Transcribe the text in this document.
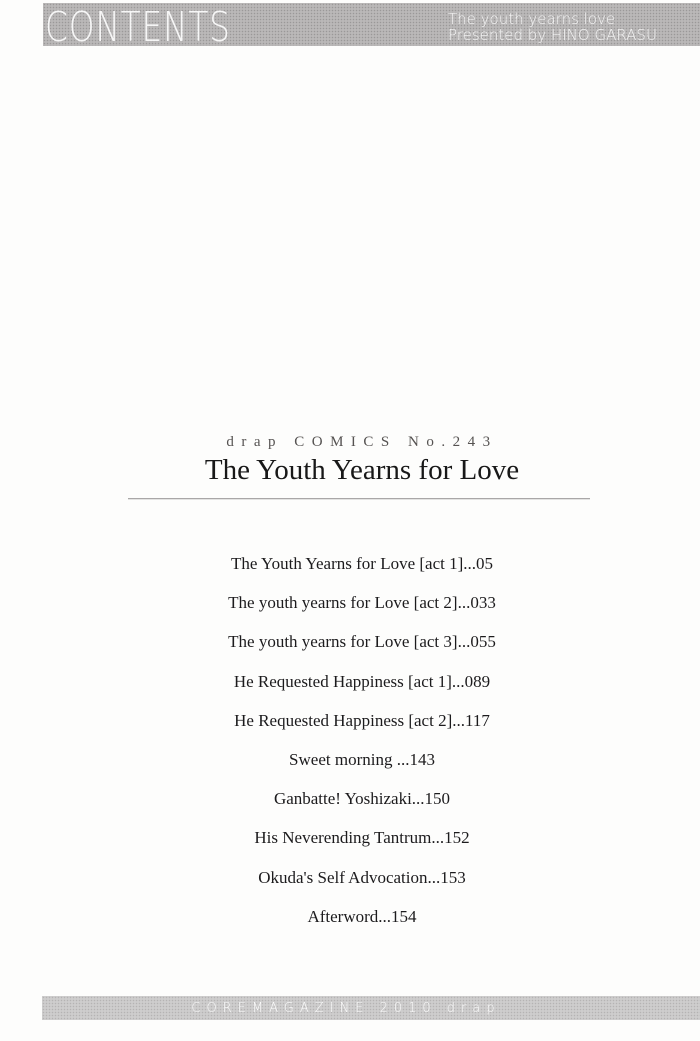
CONTENTS	The youth yearns love
Presented by HINO GARASU
drap COMICS No.243
The Youth Yearns for Love
The Youth Yearns for Love [act 1]...05
The youth yearns for Love [act 2]...033
The youth yearns for Love [act 3]...055
He Requested Happiness [act 1]...089
He Requested Happiness [act 2]...117
Sweet morning ...143
Ganbatte! Yoshizaki...150
His Neverending Tantrum...152
Okuda's Self Advocation...153
Afterword...154
COREMAGAZINE 2010 drap
